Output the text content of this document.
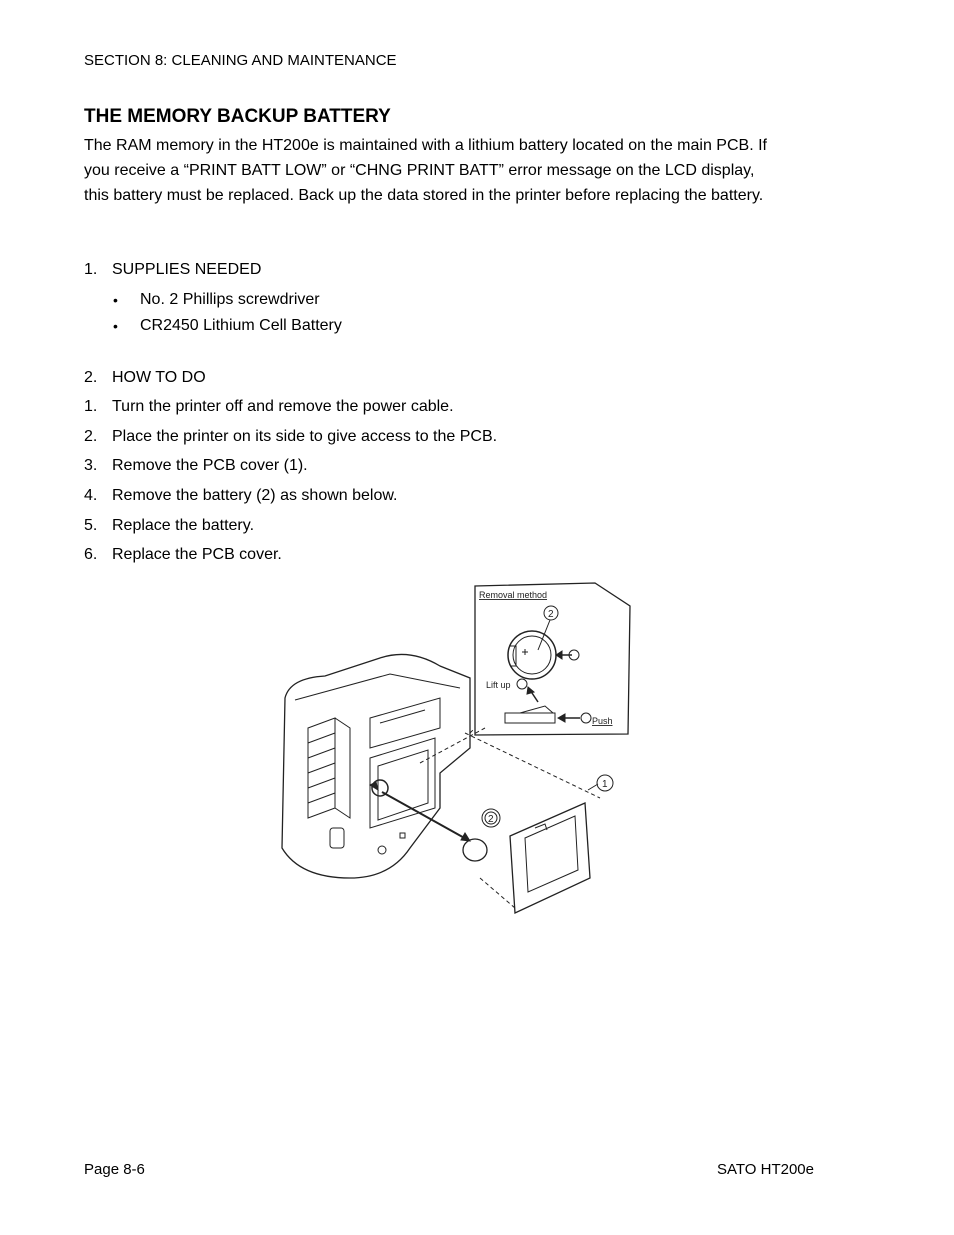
SECTION 8: CLEANING AND MAINTENANCE
THE MEMORY BACKUP BATTERY
The RAM memory in the HT200e is maintained with a lithium battery located on the main PCB. If
you receive a “PRINT BATT LOW” or “CHNG PRINT BATT” error message on the LCD display,
this battery must be replaced. Back up the data stored in the printer before replacing the battery.
1. SUPPLIES NEEDED
• No. 2 Phillips screwdriver
• CR2450 Lithium Cell Battery
2. HOW TO DO
1. Turn the printer off and remove the power cable.
2. Place the printer on its side to give access to the PCB.
3. Remove the PCB cover (1).
4. Remove the battery (2) as shown below.
5. Replace the battery.
6. Replace the PCB cover.
Removal method
2
Lift up
Push
2
1
Page 8-6	SATO HT200e
